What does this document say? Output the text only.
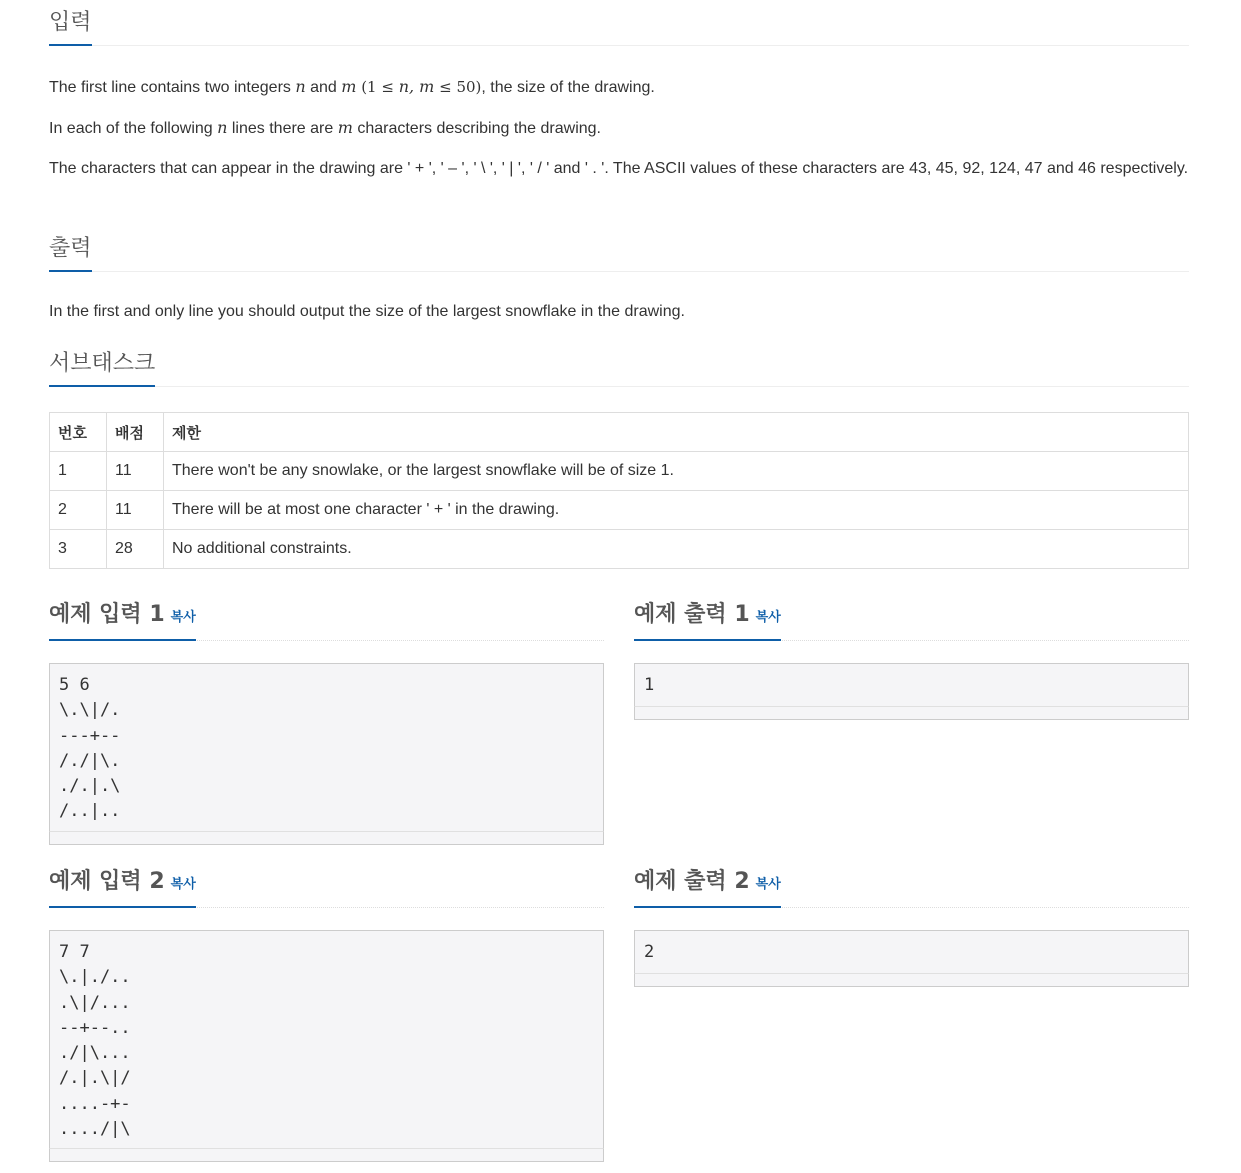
입력

The first line contains two integers n and m (1 ≤ n, m ≤ 50), the size of the drawing.

In each of the following n lines there are m characters describing the drawing.

The characters that can appear in the drawing are ' + ', ' – ', ' \ ', ' | ', ' / ' and ' . '. The ASCII values of these characters are 43, 45, 92, 124, 47 and 46 respectively.

출력

In the first and only line you should output the size of the largest snowflake in the drawing.

서브태스크
번호	배점	제한
1	11	There won't be any snowlake, or the largest snowflake will be of size 1.
2	11	There will be at most one character ' + ' in the drawing.
3	28	No additional constraints.
예제 입력 1 복사
5 6
\.\|/.
---+--
/./|\.
./.|.\
/..|..
예제 출력 1 복사
1
예제 입력 2 복사
7 7
\.|./..
.\|/...
--+--..
./|\...
/.|.\|/
....-+-
..../|\
예제 출력 2 복사
2
